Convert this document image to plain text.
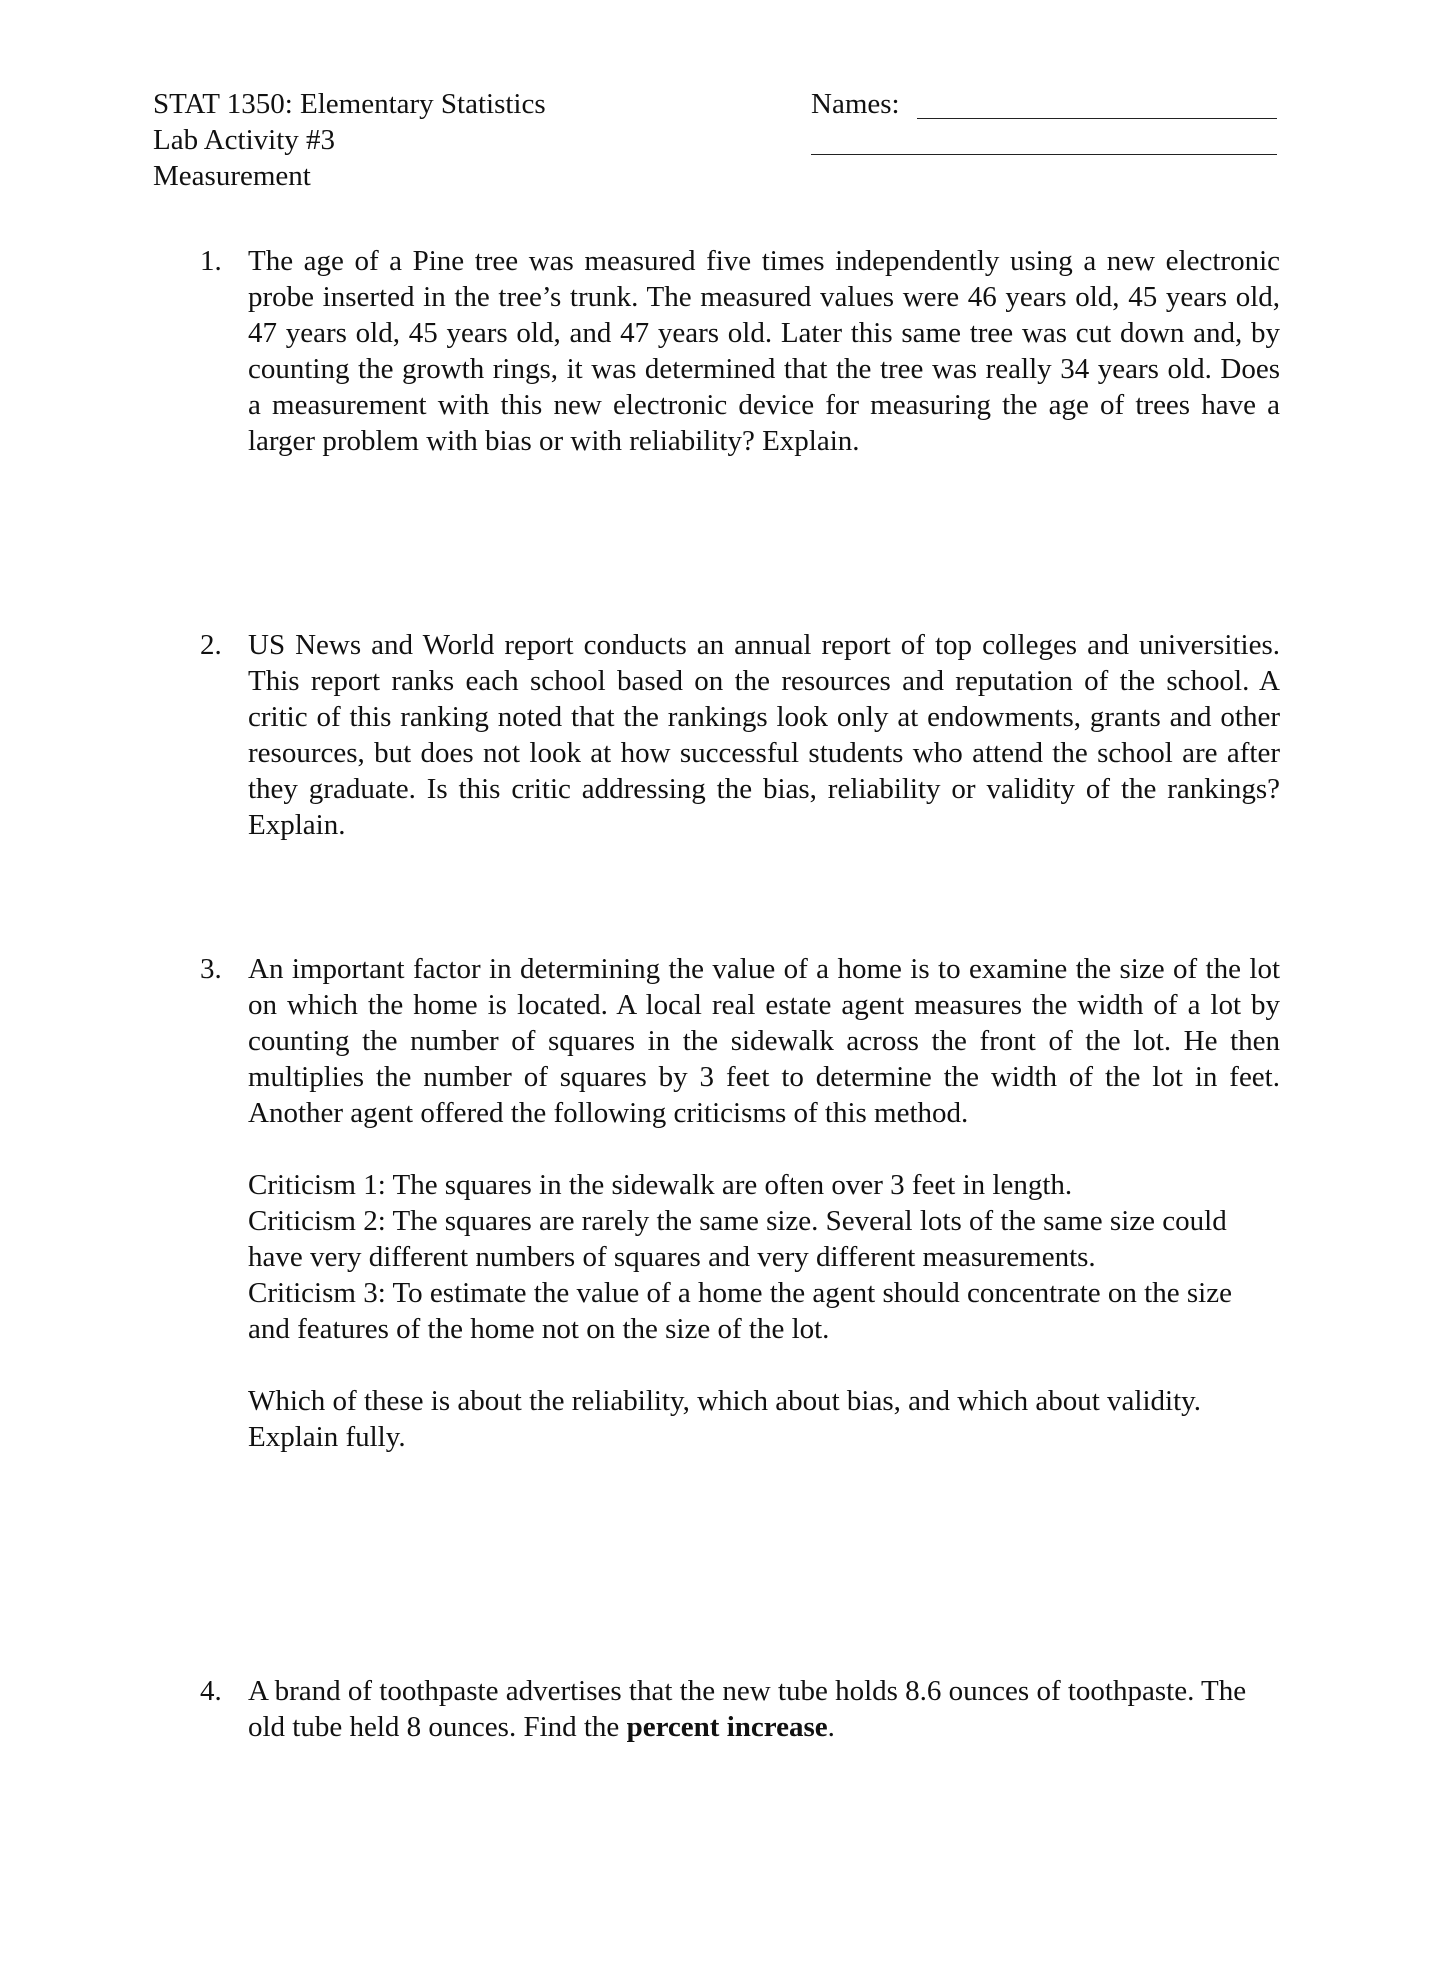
STAT 1350: Elementary Statistics
Lab Activity #3
Measurement
Names:
1. The age of a Pine tree was measured five times independently using a new electronic probe inserted in the tree’s trunk. The measured values were 46 years old, 45 years old, 47 years old, 45 years old, and 47 years old. Later this same tree was cut down and, by counting the growth rings, it was determined that the tree was really 34 years old. Does a measurement with this new electronic device for measuring the age of trees have a larger problem with bias or with reliability? Explain.

2. US News and World report conducts an annual report of top colleges and universities. This report ranks each school based on the resources and reputation of the school. A critic of this ranking noted that the rankings look only at endowments, grants and other resources, but does not look at how successful students who attend the school are after they graduate. Is this critic addressing the bias, reliability or validity of the rankings? Explain.

3. An important factor in determining the value of a home is to examine the size of the lot on which the home is located. A local real estate agent measures the width of a lot by counting the number of squares in the sidewalk across the front of the lot. He then multiplies the number of squares by 3 feet to determine the width of the lot in feet. Another agent offered the following criticisms of this method.

Criticism 1: The squares in the sidewalk are often over 3 feet in length.

Criticism 2: The squares are rarely the same size. Several lots of the same size could have very different numbers of squares and very different measurements.

Criticism 3: To estimate the value of a home the agent should concentrate on the size and features of the home not on the size of the lot.

Which of these is about the reliability, which about bias, and which about validity. Explain fully.

4. A brand of toothpaste advertises that the new tube holds 8.6 ounces of toothpaste. The old tube held 8 ounces. Find the percent increase.
